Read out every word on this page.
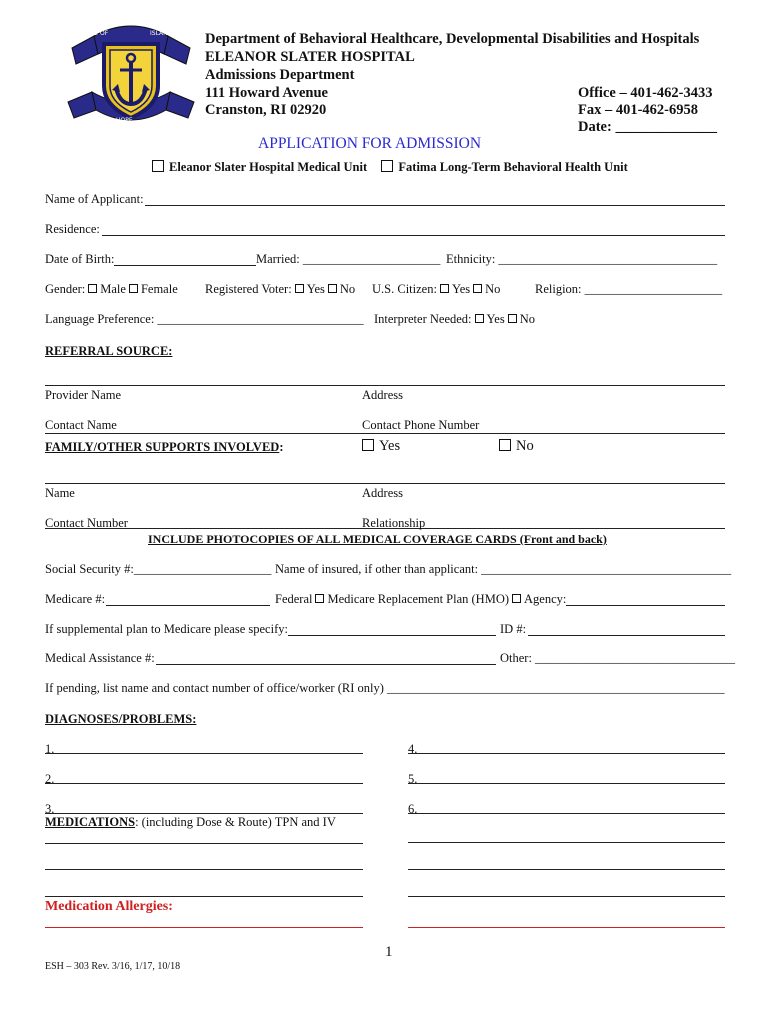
SHOOP
STATE OF	ISLAND
HOPE
Department of Behavioral Healthcare, Developmental Disabilities and Hospitals
ELEANOR SLATER HOSPITAL
Admissions Department
111 Howard Avenue
Cranston, RI 02920
Office – 401-462-3433
Fax – 401-462-6958
Date: ______________
APPLICATION FOR ADMISSION
Eleanor Slater Hospital Medical Unit	Fatima Long-Term Behavioral Health Unit
Name of Applicant:
Residence:
Date of Birth:	Married: ______________________ Ethnicity: ___________________________________
Gender: Male Female Registered Voter: Yes No U.S. Citizen: Yes No	Religion: ______________________
Language Preference: _________________________________ Interpreter Needed: Yes No
REFERRAL SOURCE:
Provider Name	Address
Contact Name	Contact Phone Number
FAMILY/OTHER SUPPORTS INVOLVED:	Yes	No
Name	Address
Contact Number	Relationship
INCLUDE PHOTOCOPIES OF ALL MEDICAL COVERAGE CARDS (Front and back)
Social Security #:______________________ Name of insured, if other than applicant: ________________________________________
Medicare #:	Federal Medicare Replacement Plan (HMO) Agency:
If supplemental plan to Medicare please specify:	ID #:
Medical Assistance #:	Other: ________________________________
If pending, list name and contact number of office/worker (RI only) ______________________________________________________
DIAGNOSES/PROBLEMS:
1.	4.
2.	5.
3.	6.
MEDICATIONS: (including Dose & Route) TPN and IV
Medication Allergies:
1
ESH – 303 Rev. 3/16, 1/17, 10/18
